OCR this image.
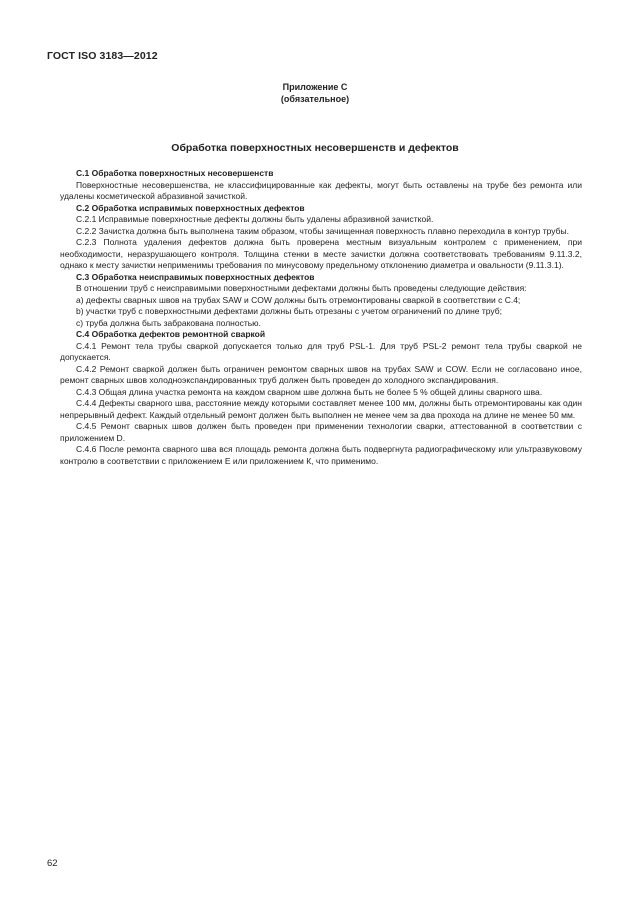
ГОСТ ISO 3183—2012
Приложение С
(обязательное)
Обработка поверхностных несовершенств и дефектов

С.1 Обработка поверхностных несовершенств

Поверхностные несовершенства, не классифицированные как дефекты, могут быть оставлены на трубе без ремонта или удалены косметической абразивной зачисткой.

С.2 Обработка исправимых поверхностных дефектов

С.2.1 Исправимые поверхностные дефекты должны быть удалены абразивной зачисткой.

С.2.2 Зачистка должна быть выполнена таким образом, чтобы зачищенная поверхность плавно переходила в контур трубы.

С.2.3 Полнота удаления дефектов должна быть проверена местным визуальным контролем с применением, при необходимости, неразрушающего контроля. Толщина стенки в месте зачистки должна соответствовать требованиям 9.11.3.2, однако к месту зачистки неприменимы требования по минусовому предельному отклонению диаметра и овальности (9.11.3.1).

С.3 Обработка неисправимых поверхностных дефектов

В отношении труб с неисправимыми поверхностными дефектами должны быть проведены следующие действия:

a) дефекты сварных швов на трубах SAW и COW должны быть отремонтированы сваркой в соответствии с С.4;

b) участки труб с поверхностными дефектами должны быть отрезаны с учетом ограничений по длине труб;

c) труба должна быть забракована полностью.

С.4 Обработка дефектов ремонтной сваркой

С.4.1 Ремонт тела трубы сваркой допускается только для труб PSL-1. Для труб PSL-2 ремонт тела трубы сваркой не допускается.

С.4.2 Ремонт сваркой должен быть ограничен ремонтом сварных швов на трубах SAW и COW. Если не согласовано иное, ремонт сварных швов холодноэкспандированных труб должен быть проведен до холодного экспандирования.

С.4.3 Общая длина участка ремонта на каждом сварном шве должна быть не более 5 % общей длины сварного шва.

С.4.4 Дефекты сварного шва, расстояние между которыми составляет менее 100 мм, должны быть отремонтированы как один непрерывный дефект. Каждый отдельный ремонт должен быть выполнен не менее чем за два прохода на длине не менее 50 мм.

С.4.5 Ремонт сварных швов должен быть проведен при применении технологии сварки, аттестованной в соответствии с приложением D.

С.4.6 После ремонта сварного шва вся площадь ремонта должна быть подвергнута радиографическому или ультразвуковому контролю в соответствии с приложением Е или приложением К, что применимо.

62
